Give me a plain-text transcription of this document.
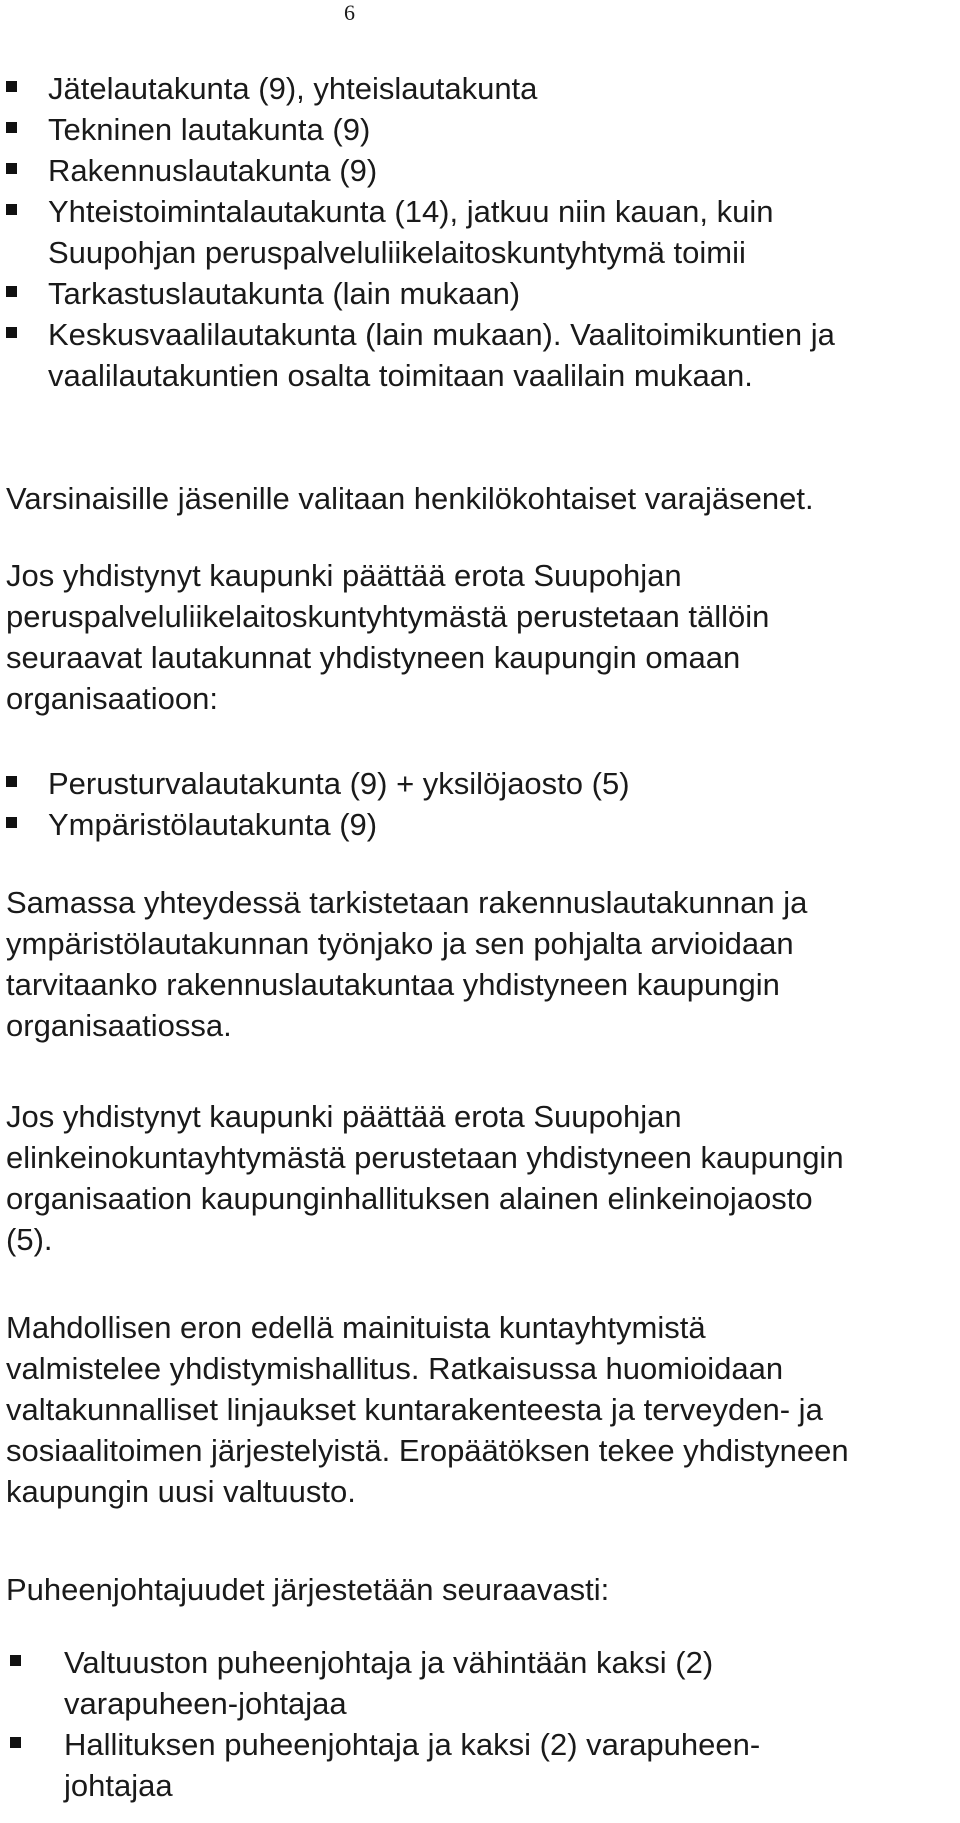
6
Jätelautakunta (9), yhteislautakunta
Tekninen lautakunta (9)
Rakennuslautakunta (9)
Yhteistoimintalautakunta (14), jatkuu niin kauan, kuin
Suupohjan peruspalveluliikelaitoskuntyhtymä toimii
Tarkastuslautakunta (lain mukaan)
Keskusvaalilautakunta (lain mukaan). Vaalitoimikuntien ja
vaalilautakuntien osalta toimitaan vaalilain mukaan.

Varsinaisille jäsenille valitaan henkilökohtaiset varajäsenet.

Jos yhdistynyt kaupunki päättää erota Suupohjan
peruspalveluliikelaitoskuntyhtymästä perustetaan tällöin
seuraavat lautakunnat yhdistyneen kaupungin omaan
organisaatioon:

Perusturvalautakunta (9) + yksilöjaosto (5)
Ympäristölautakunta (9)

Samassa yhteydessä tarkistetaan rakennuslautakunnan ja
ympäristölautakunnan työnjako ja sen pohjalta arvioidaan
tarvitaanko rakennuslautakuntaa yhdistyneen kaupungin
organisaatiossa.

Jos yhdistynyt kaupunki päättää erota Suupohjan
elinkeinokuntayhtymästä perustetaan yhdistyneen kaupungin
organisaation kaupunginhallituksen alainen elinkeinojaosto
(5).

Mahdollisen eron edellä mainituista kuntayhtymistä
valmistelee yhdistymishallitus. Ratkaisussa huomioidaan
valtakunnalliset linjaukset kuntarakenteesta ja terveyden- ja
sosiaalitoimen järjestelyistä. Eropäätöksen tekee yhdistyneen
kaupungin uusi valtuusto.

Puheenjohtajuudet järjestetään seuraavasti:

Valtuuston puheenjohtaja ja vähintään kaksi (2)
varapuheen-johtajaa
Hallituksen puheenjohtaja ja kaksi (2) varapuheen-
johtajaa
